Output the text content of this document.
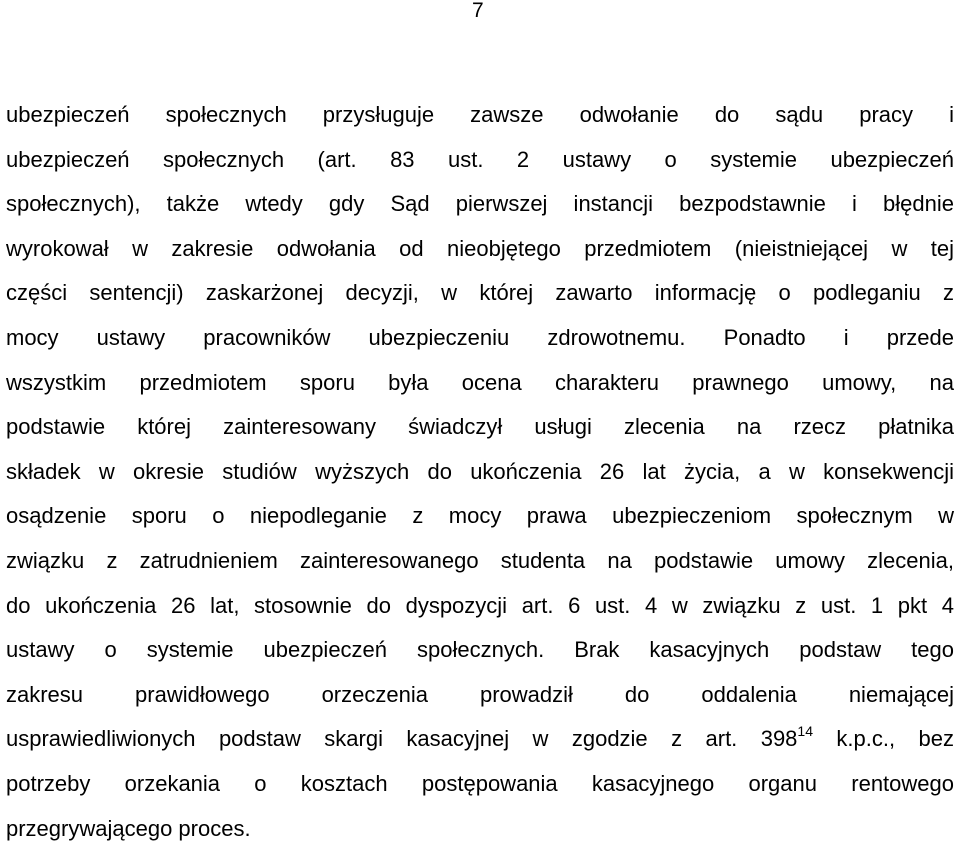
7
ubezpieczeń społecznych przysługuje zawsze odwołanie do sądu pracy i
ubezpieczeń społecznych (art. 83 ust. 2 ustawy o systemie ubezpieczeń
społecznych), także wtedy gdy Sąd pierwszej instancji bezpodstawnie i błędnie
wyrokował w zakresie odwołania od nieobjętego przedmiotem (nieistniejącej w tej
części sentencji) zaskarżonej decyzji, w której zawarto informację o podleganiu z
mocy ustawy pracowników ubezpieczeniu zdrowotnemu. Ponadto i przede
wszystkim przedmiotem sporu była ocena charakteru prawnego umowy, na
podstawie której zainteresowany świadczył usługi zlecenia na rzecz płatnika
składek w okresie studiów wyższych do ukończenia 26 lat życia, a w konsekwencji
osądzenie sporu o niepodleganie z mocy prawa ubezpieczeniom społecznym w
związku z zatrudnieniem zainteresowanego studenta na podstawie umowy zlecenia,
do ukończenia 26 lat, stosownie do dyspozycji art. 6 ust. 4 w związku z ust. 1 pkt 4
ustawy o systemie ubezpieczeń społecznych. Brak kasacyjnych podstaw tego
zakresu prawidłowego orzeczenia prowadził do oddalenia niemającej
usprawiedliwionych podstaw skargi kasacyjnej w zgodzie z art. $398^{14}$ k.p.c., bez
potrzeby orzekania o kosztach postępowania kasacyjnego organu rentowego
przegrywającego proces.
